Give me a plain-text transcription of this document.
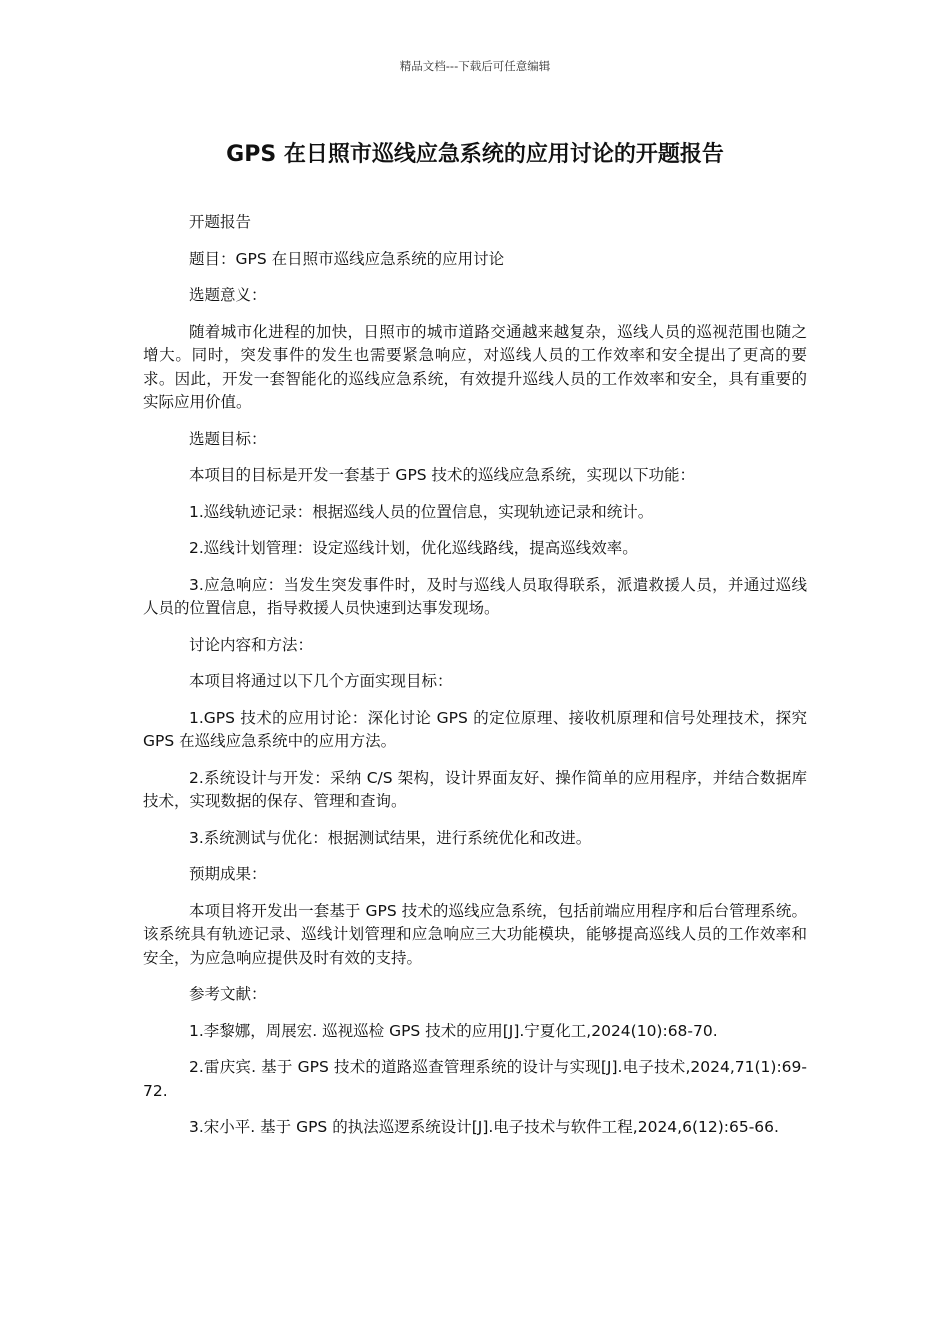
精品文档---下载后可任意编辑
GPS 在日照市巡线应急系统的应用讨论的开题报告

开题报告

题目：GPS 在日照市巡线应急系统的应用讨论

选题意义：

随着城市化进程的加快，日照市的城市道路交通越来越复杂，巡线人员的巡视范围也随之增大。同时，突发事件的发生也需要紧急响应，对巡线人员的工作效率和安全提出了更高的要求。因此，开发一套智能化的巡线应急系统，有效提升巡线人员的工作效率和安全，具有重要的实际应用价值。

选题目标：

本项目的目标是开发一套基于 GPS 技术的巡线应急系统，实现以下功能：

1.巡线轨迹记录：根据巡线人员的位置信息，实现轨迹记录和统计。

2.巡线计划管理：设定巡线计划，优化巡线路线，提高巡线效率。

3.应急响应：当发生突发事件时，及时与巡线人员取得联系，派遣救援人员，并通过巡线人员的位置信息，指导救援人员快速到达事发现场。

讨论内容和方法：

本项目将通过以下几个方面实现目标：

1.GPS 技术的应用讨论：深化讨论 GPS 的定位原理、接收机原理和信号处理技术，探究 GPS 在巡线应急系统中的应用方法。

2.系统设计与开发：采纳 C/S 架构，设计界面友好、操作简单的应用程序，并结合数据库技术，实现数据的保存、管理和查询。

3.系统测试与优化：根据测试结果，进行系统优化和改进。

预期成果：

本项目将开发出一套基于 GPS 技术的巡线应急系统，包括前端应用程序和后台管理系统。该系统具有轨迹记录、巡线计划管理和应急响应三大功能模块，能够提高巡线人员的工作效率和安全，为应急响应提供及时有效的支持。

参考文献：

1.李黎娜，周展宏. 巡视巡检 GPS 技术的应用[J].宁夏化工,2024(10):68-70.

2.雷庆宾. 基于 GPS 技术的道路巡查管理系统的设计与实现[J].电子技术,2024,71(1):69-72.

3.宋小平. 基于 GPS 的执法巡逻系统设计[J].电子技术与软件工程,2024,6(12):65-66.
